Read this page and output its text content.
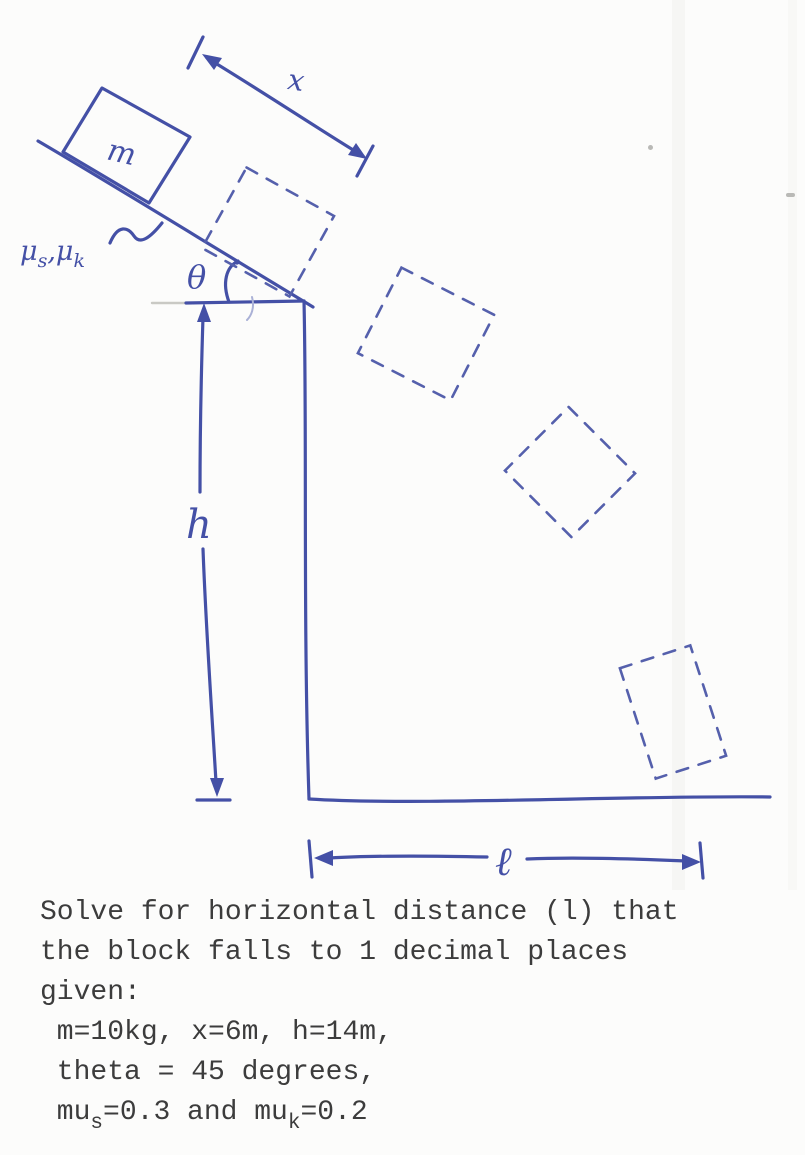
m
x
$\mu_s,\mu_k$	θ
h
ℓ
Solve for horizontal distance (l) that
the block falls to 1 decimal places
given:
m=10kg, x=6m, h=14m,
theta = 45 degrees,
$mu_s=0.3$ and $mu_k=0.2$
